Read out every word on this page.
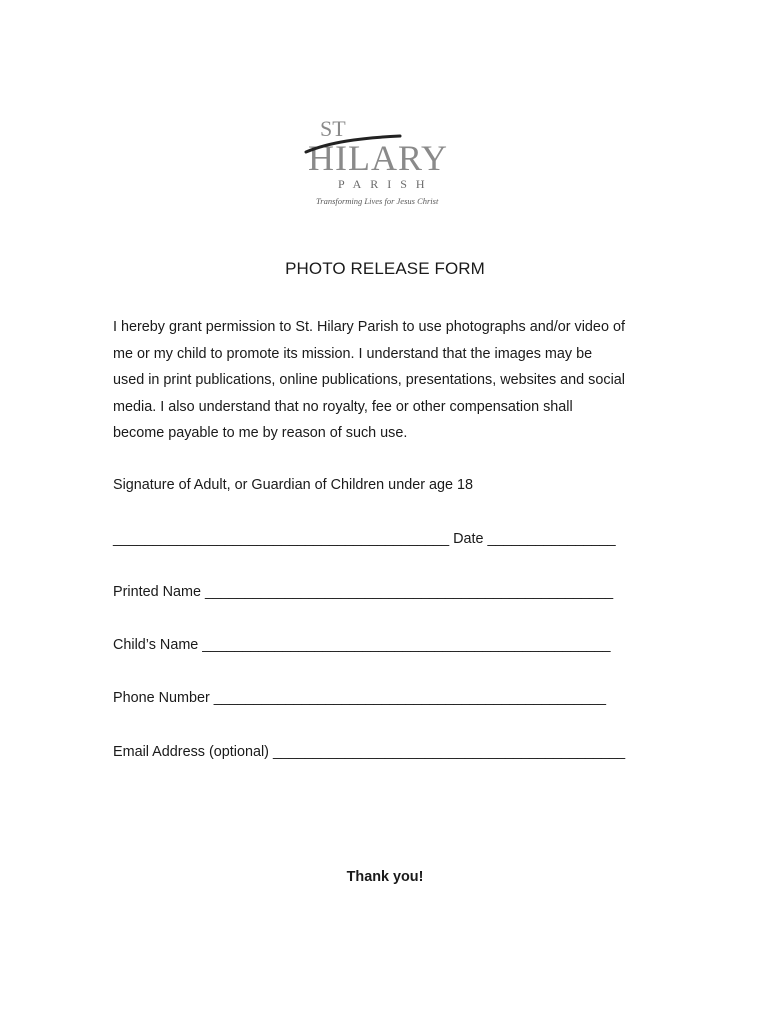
ST
HILARY
PARISH
Transforming Lives for Jesus Christ
PHOTO RELEASE FORM
I hereby grant permission to St. Hilary Parish to use photographs and/or video of
me or my child to promote its mission. I understand that the images may be
used in print publications, online publications, presentations, websites and social
media. I also understand that no royalty, fee or other compensation shall
become payable to me by reason of such use.
Signature of Adult, or Guardian of Children under age 18
__________________________________________ Date ________________
Printed Name ___________________________________________________
Child’s Name ___________________________________________________
Phone Number _________________________________________________
Email Address (optional) ____________________________________________
Thank you!
